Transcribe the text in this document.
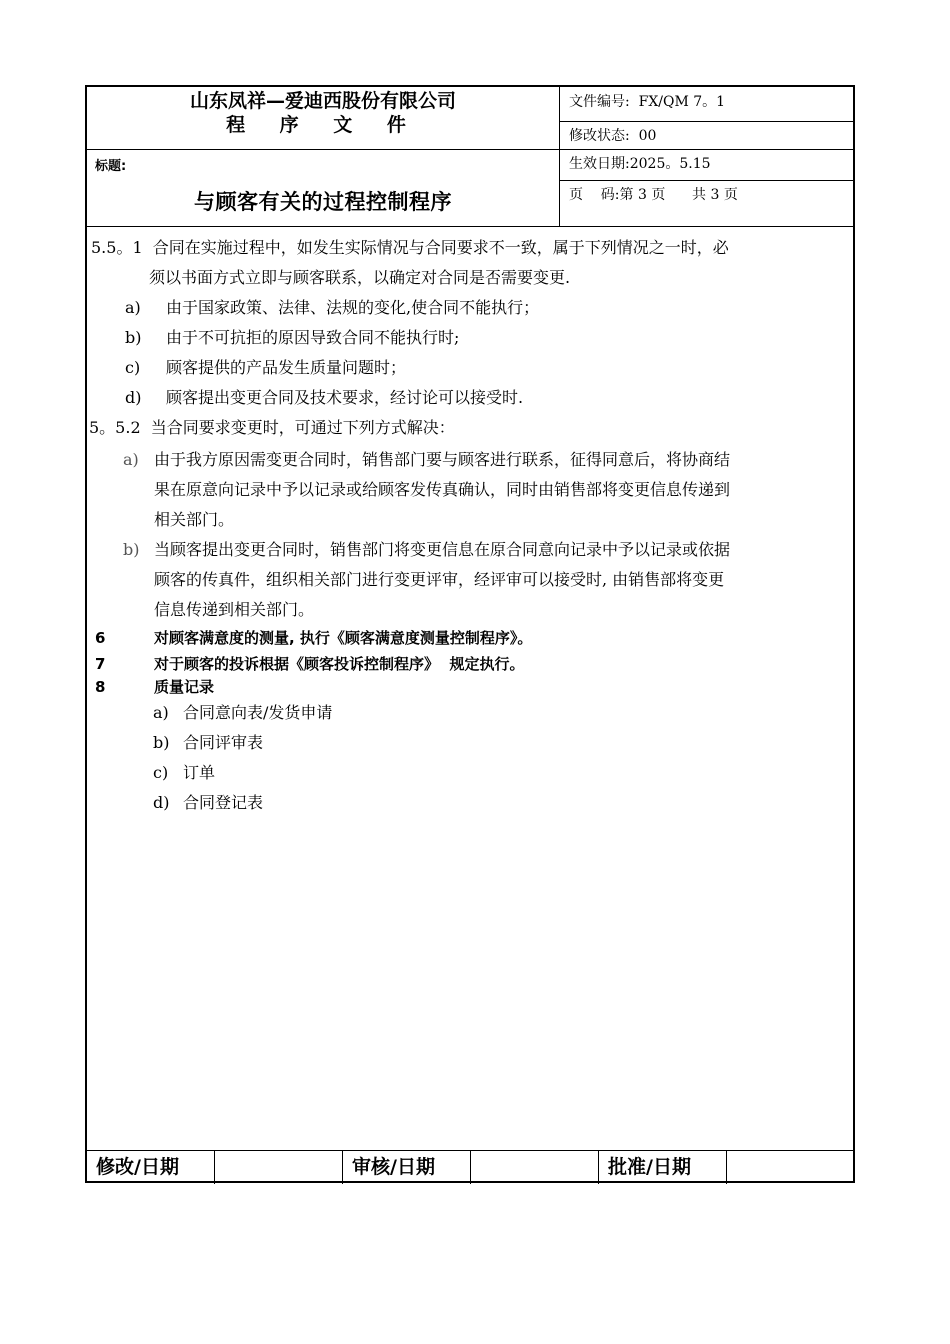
山东凤祥—爱迪西股份有限公司
程 序 文 件
标题:
与顾客有关的过程控制程序
文件编号:  FX/QM 7。1
修改状态:  00
生效日期:2025。5.15
页    码:第 3 页      共 3 页
5.5。1  合同在实施过程中，如发生实际情况与合同要求不一致，属于下列情况之一时，必
须以书面方式立即与顾客联系，以确定对合同是否需要变更.
a) 由于国家政策、法律、法规的变化,使合同不能执行；
b) 由于不可抗拒的原因导致合同不能执行时;
c) 顾客提供的产品发生质量问题时；
d) 顾客提出变更合同及技术要求，经讨论可以接受时.
5。5.2  当合同要求变更时，可通过下列方式解决：
a) 由于我方原因需变更合同时，销售部门要与顾客进行联系，征得同意后，将协商结
果在原意向记录中予以记录或给顾客发传真确认，同时由销售部将变更信息传递到
相关部门。
b) 当顾客提出变更合同时，销售部门将变更信息在原合同意向记录中予以记录或依据
顾客的传真件，组织相关部门进行变更评审，经评审可以接受时, 由销售部将变更
信息传递到相关部门。
6	对顾客满意度的测量, 执行《顾客满意度测量控制程序》。
7	对于顾客的投诉根据《顾客投诉控制程序》  规定执行。
8	质量记录
a) 合同意向表/发货申请
b) 合同评审表
c) 订单
d) 合同登记表
修改/日期	审核/日期	批准/日期
